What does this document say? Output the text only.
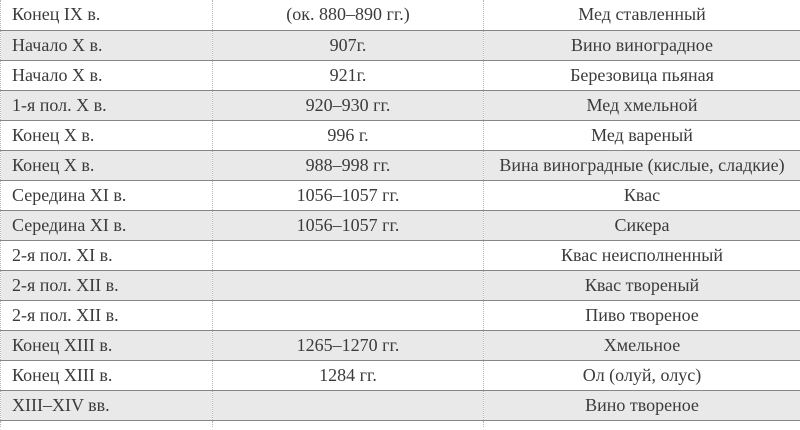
Конец IX в.	(ок. 880–890 гг.)	Мед ставленный
Начало X в.	907г.	Вино виноградное
Начало X в.	921г.	Березовица пьяная
1-я пол. X в.	920–930 гг.	Мед хмельной
Конец X в.	996 г.	Мед вареный
Конец X в.	988–998 гг.	Вина виноградные (кислые, сладкие)
Середина XI в.	1056–1057 гг.	Квас
Середина XI в.	1056–1057 гг.	Сикера
2-я пол. XI в.		Квас неисполненный
2-я пол. XII в.		Квас твореный
2-я пол. XII в.		Пиво твореное
Конец XIII в.	1265–1270 гг.	Хмельное
Конец XIII в.	1284 гг.	Ол (олуй, олус)
XIII–XIV вв.		Вино твореное
